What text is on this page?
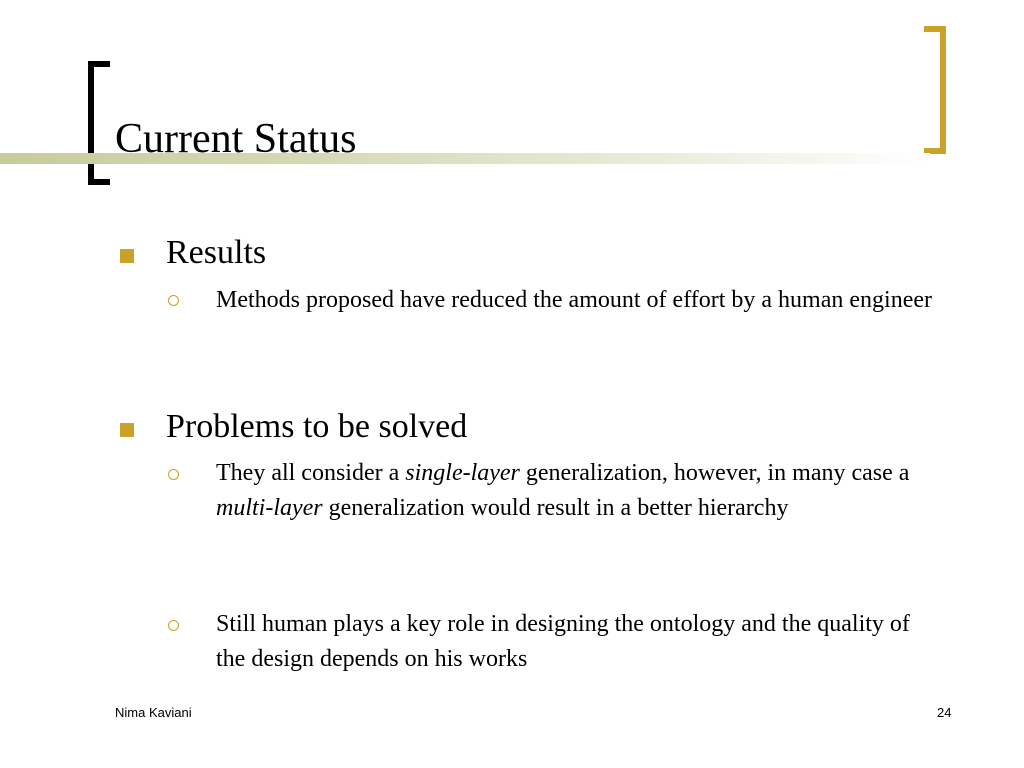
Current Status
Results
Methods proposed have reduced the amount of effort by a human engineer
Problems to be solved
They all consider a single-layer generalization, however, in many case a multi-layer generalization would result in a better hierarchy
Still human plays a key role in designing the ontology and the quality of the design depends on his works
Nima Kaviani	24
